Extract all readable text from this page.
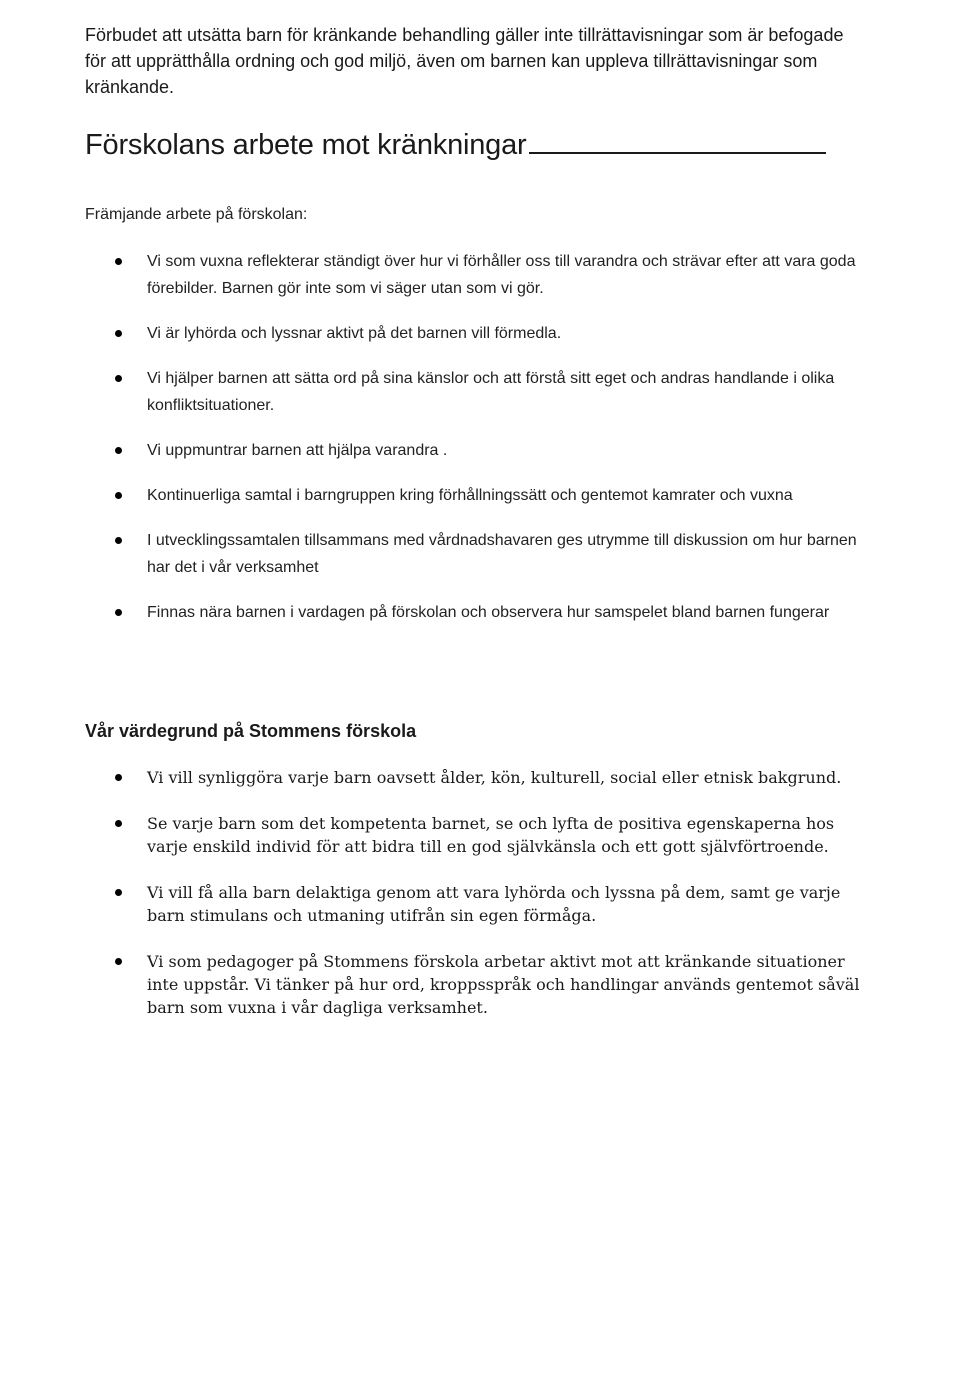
Förbudet att utsätta barn för kränkande behandling gäller inte tillrättavisningar som är befogade för att upprätthålla ordning och god miljö, även om barnen kan uppleva tillrättavisningar som kränkande.

Förskolans arbete mot kränkningar
Främjande arbete på förskolan:
Vi som vuxna reflekterar ständigt över hur vi förhåller oss till varandra och strävar efter att vara goda förebilder. Barnen gör inte som vi säger utan som vi gör.
Vi är lyhörda och lyssnar aktivt på det barnen vill förmedla.
Vi hjälper barnen att sätta ord på sina känslor och att förstå sitt eget och andras handlande i olika konfliktsituationer.
Vi uppmuntrar barnen att hjälpa varandra .
Kontinuerliga samtal i barngruppen kring förhållningssätt och gentemot kamrater och vuxna
I utvecklingssamtalen tillsammans med vårdnadshavaren ges utrymme till diskussion om hur barnen har det i vår verksamhet
Finnas nära barnen i vardagen på förskolan och observera hur samspelet bland barnen fungerar
Vår värdegrund på Stommens förskola
Vi vill synliggöra varje barn oavsett ålder, kön, kulturell, social eller etnisk bakgrund.
Se varje barn som det kompetenta barnet, se och lyfta de positiva egenskaperna hos varje enskild individ för att bidra till en god självkänsla och ett gott självförtroende.
Vi vill få alla barn delaktiga genom att vara lyhörda och lyssna på dem, samt ge varje barn stimulans och utmaning utifrån sin egen förmåga.
Vi som pedagoger på Stommens förskola arbetar aktivt mot att kränkande situationer inte uppstår. Vi tänker på hur ord, kroppsspråk och handlingar används gentemot såväl barn som vuxna i vår dagliga verksamhet.
